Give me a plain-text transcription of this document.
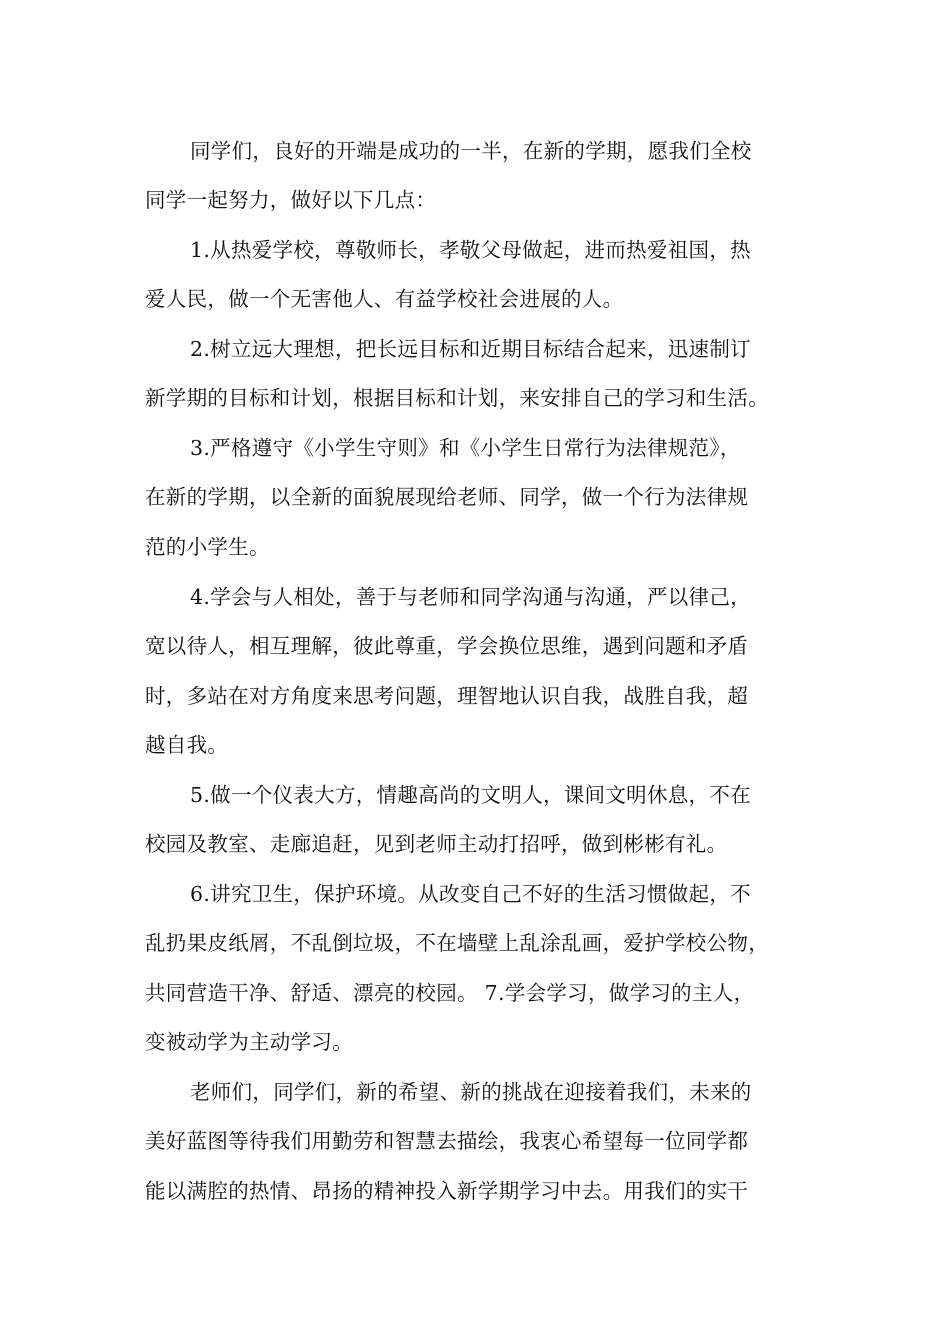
同学们，良好的开端是成功的一半，在新的学期，愿我们全校
同学一起努力，做好以下几点：
1.从热爱学校，尊敬师长，孝敬父母做起，进而热爱祖国，热
爱人民，做一个无害他人、有益学校社会进展的人。
2.树立远大理想，把长远目标和近期目标结合起来，迅速制订
新学期的目标和计划，根据目标和计划，来安排自己的学习和生活。
3.严格遵守《小学生守则》和《小学生日常行为法律规范》，
在新的学期，以全新的面貌展现给老师、同学，做一个行为法律规
范的小学生。
4.学会与人相处，善于与老师和同学沟通与沟通，严以律己，
宽以待人，相互理解，彼此尊重，学会换位思维，遇到问题和矛盾
时，多站在对方角度来思考问题，理智地认识自我，战胜自我，超
越自我。
5.做一个仪表大方，情趣高尚的文明人，课间文明休息，不在
校园及教室、走廊追赶，见到老师主动打招呼，做到彬彬有礼。
6.讲究卫生，保护环境。从改变自己不好的生活习惯做起，不
乱扔果皮纸屑，不乱倒垃圾，不在墙壁上乱涂乱画，爱护学校公物，
共同营造干净、舒适、漂亮的校园。 7.学会学习，做学习的主人，
变被动学为主动学习。
老师们，同学们，新的希望、新的挑战在迎接着我们，未来的
美好蓝图等待我们用勤劳和智慧去描绘，我衷心希望每一位同学都
能以满腔的热情、昂扬的精神投入新学期学习中去。用我们的实干
